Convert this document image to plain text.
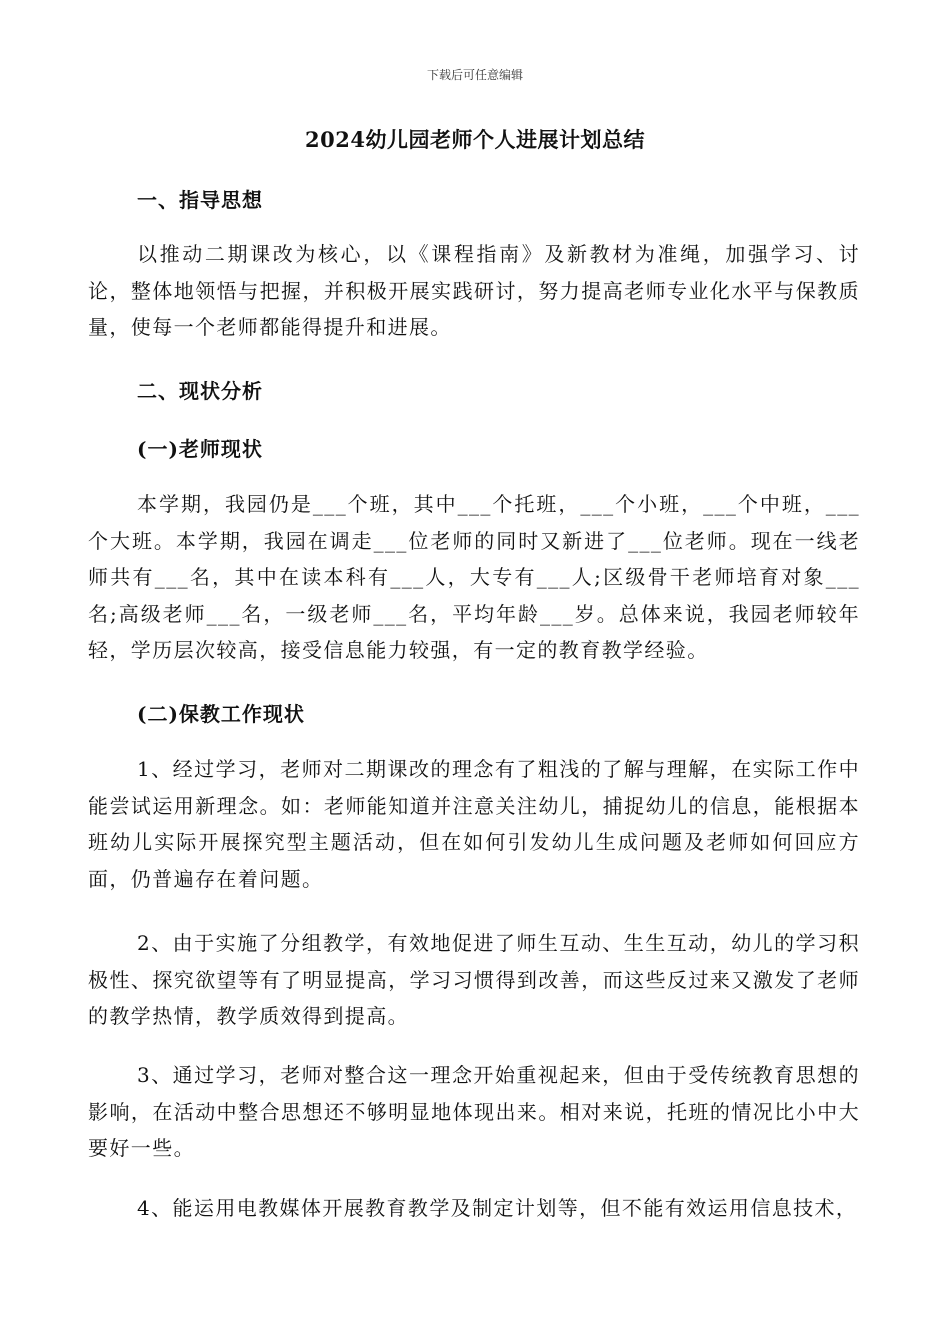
下载后可任意编辑
2024幼儿园老师个人进展计划总结
一、指导思想

以推动二期课改为核心，以《课程指南》及新教材为准绳，加强学习、讨论，整体地领悟与把握，并积极开展实践研讨，努力提高老师专业化水平与保教质量，使每一个老师都能得提升和进展。

二、现状分析
(一)老师现状

本学期，我园仍是___个班，其中___个托班，___个小班，___个中班，___个大班。本学期，我园在调走___位老师的同时又新进了___位老师。现在一线老师共有___名，其中在读本科有___人，大专有___人;区级骨干老师培育对象___名;高级老师___名，一级老师___名，平均年龄___岁。总体来说，我园老师较年轻，学历层次较高，接受信息能力较强，有一定的教育教学经验。

(二)保教工作现状

1、经过学习，老师对二期课改的理念有了粗浅的了解与理解，在实际工作中能尝试运用新理念。如：老师能知道并注意关注幼儿，捕捉幼儿的信息，能根据本班幼儿实际开展探究型主题活动，但在如何引发幼儿生成问题及老师如何回应方面，仍普遍存在着问题。

2、由于实施了分组教学，有效地促进了师生互动、生生互动，幼儿的学习积极性、探究欲望等有了明显提高，学习习惯得到改善，而这些反过来又激发了老师的教学热情，教学质效得到提高。

3、通过学习，老师对整合这一理念开始重视起来，但由于受传统教育思想的影响，在活动中整合思想还不够明显地体现出来。相对来说，托班的情况比小中大要好一些。

4、能运用电教媒体开展教育教学及制定计划等，但不能有效运用信息技术，
